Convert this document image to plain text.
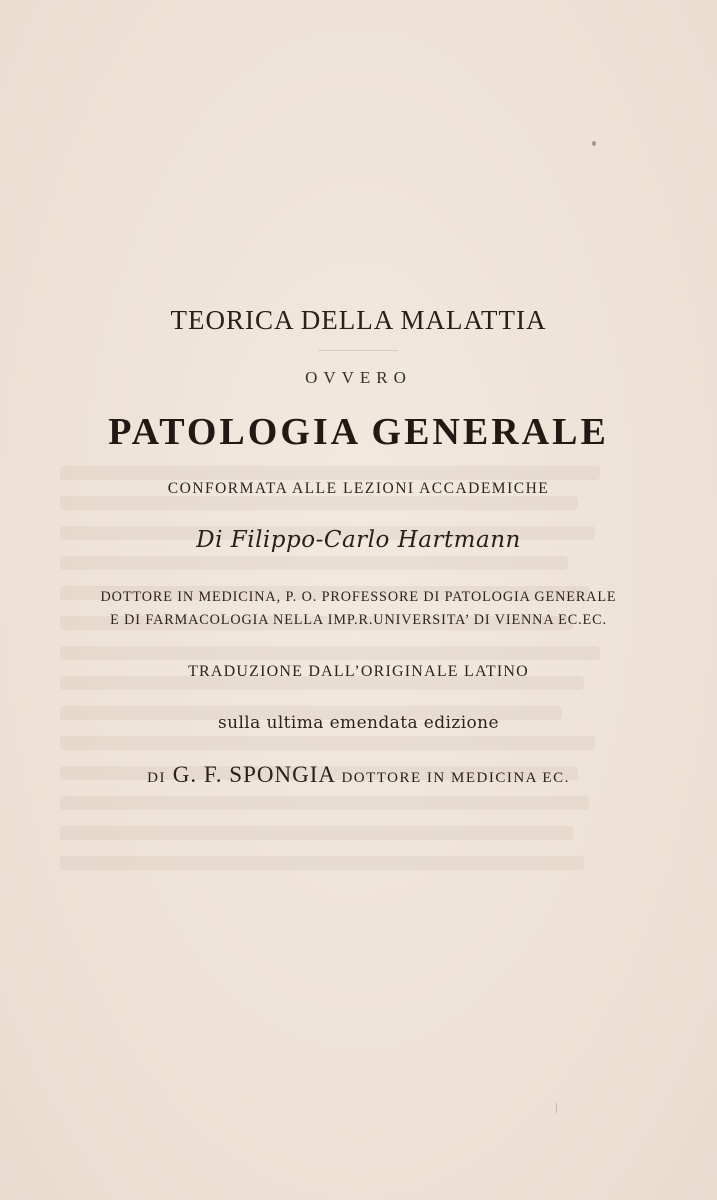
TEORICA DELLA MALATTIA
OVVERO
PATOLOGIA GENERALE
CONFORMATA ALLE LEZIONI ACCADEMICHE
Di Filippo-Carlo Hartmann
DOTTORE IN MEDICINA, P. O. PROFESSORE DI PATOLOGIA GENERALE
E DI FARMACOLOGIA NELLA IMP.R.UNIVERSITA’ DI VIENNA EC.EC.
TRADUZIONE DALL’ORIGINALE LATINO
sulla ultima emendata edizione
DI G. F. SPONGIA DOTTORE IN MEDICINA EC.
